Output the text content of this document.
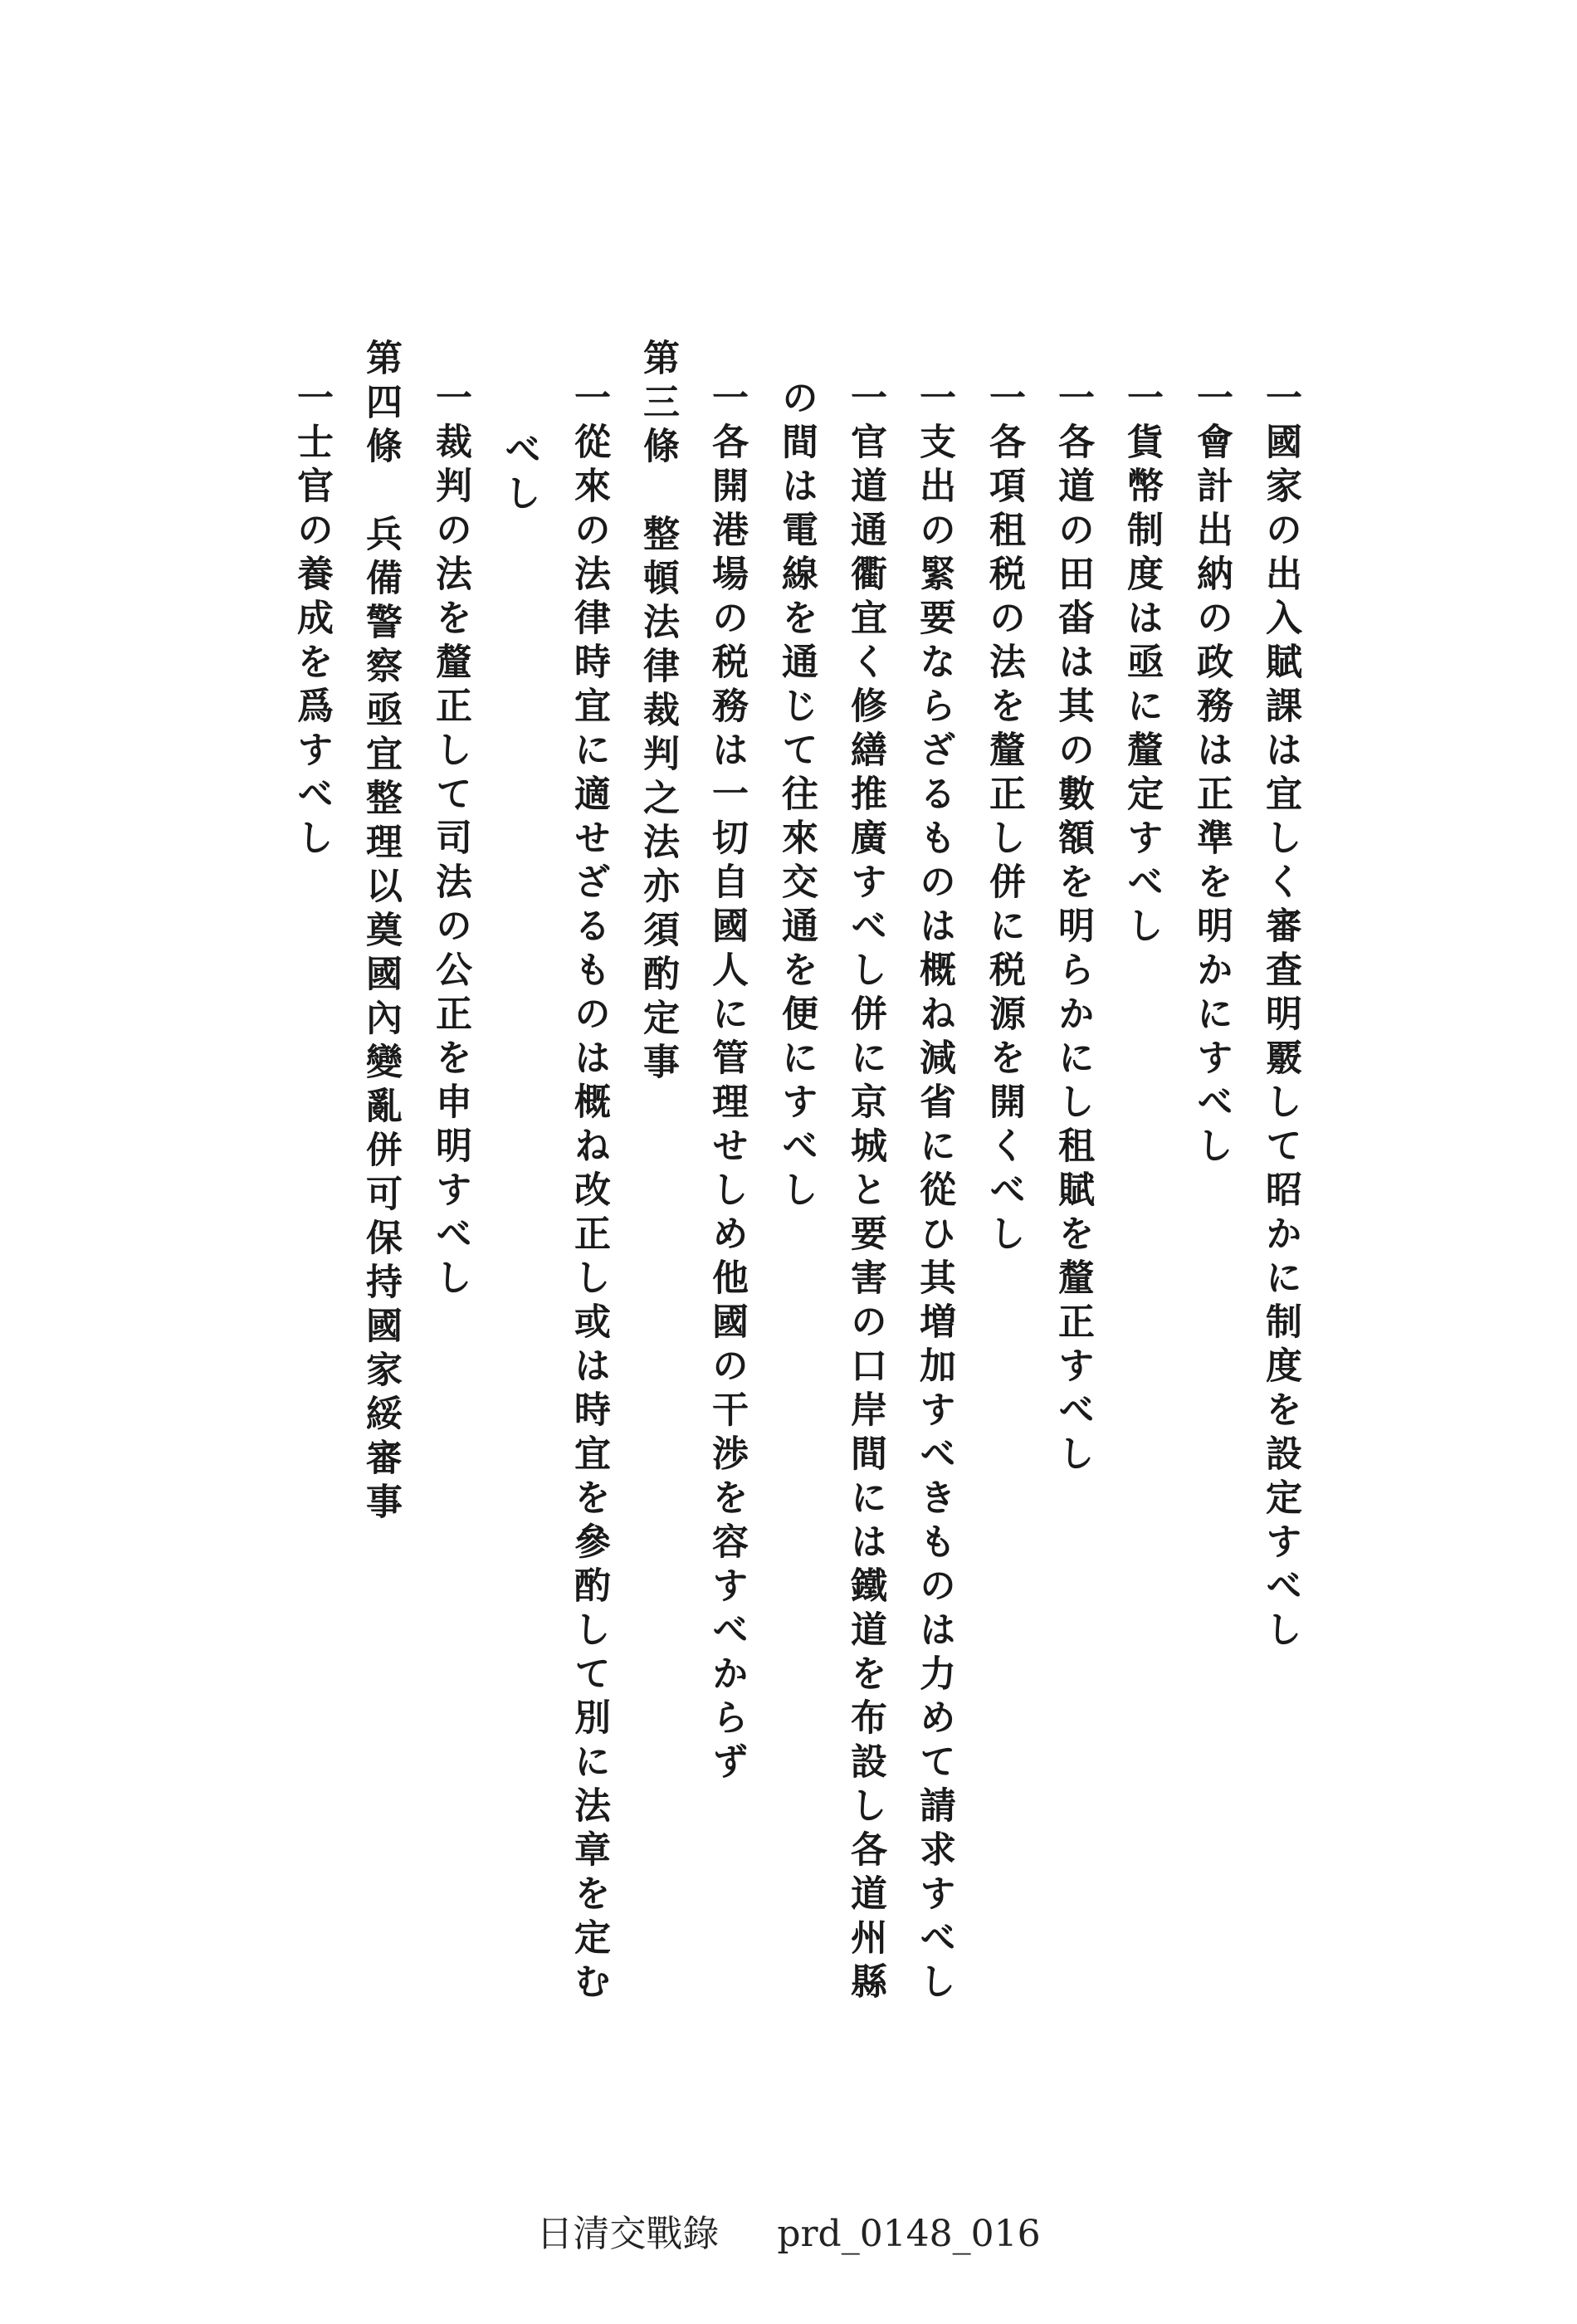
一國家の出入賦課は宜しく審査明覈して昭かに制度を設定すべし
一會計出納の政務は正準を明かにすべし
一貨幣制度は亟に釐定すべし
一各道の田畓は其の數額を明らかにし租賦を釐正すべし
一各項租税の法を釐正し併に税源を開くべし
一支出の緊要ならざるものは概ね減省に從ひ其増加すべきものは力めて請求すべし
一官道通衢宜く修繕推廣すべし併に京城と要害の口岸間には鐵道を布設し各道州縣
の間は電線を通じて往來交通を便にすべし
一各開港場の税務は一切自國人に管理せしめ他國の干渉を容すべからず
第三條　整頓法律裁判之法亦須酌定事
一從來の法律時宜に適せざるものは概ね改正し或は時宜を參酌して別に法章を定む
べし
一裁判の法を釐正して司法の公正を申明すべし
第四條　兵備警察亟宜整理以奠國內變亂併可保持國家綏審事
一士官の養成を爲すべし
日清交戰錄 prd_0148_016
